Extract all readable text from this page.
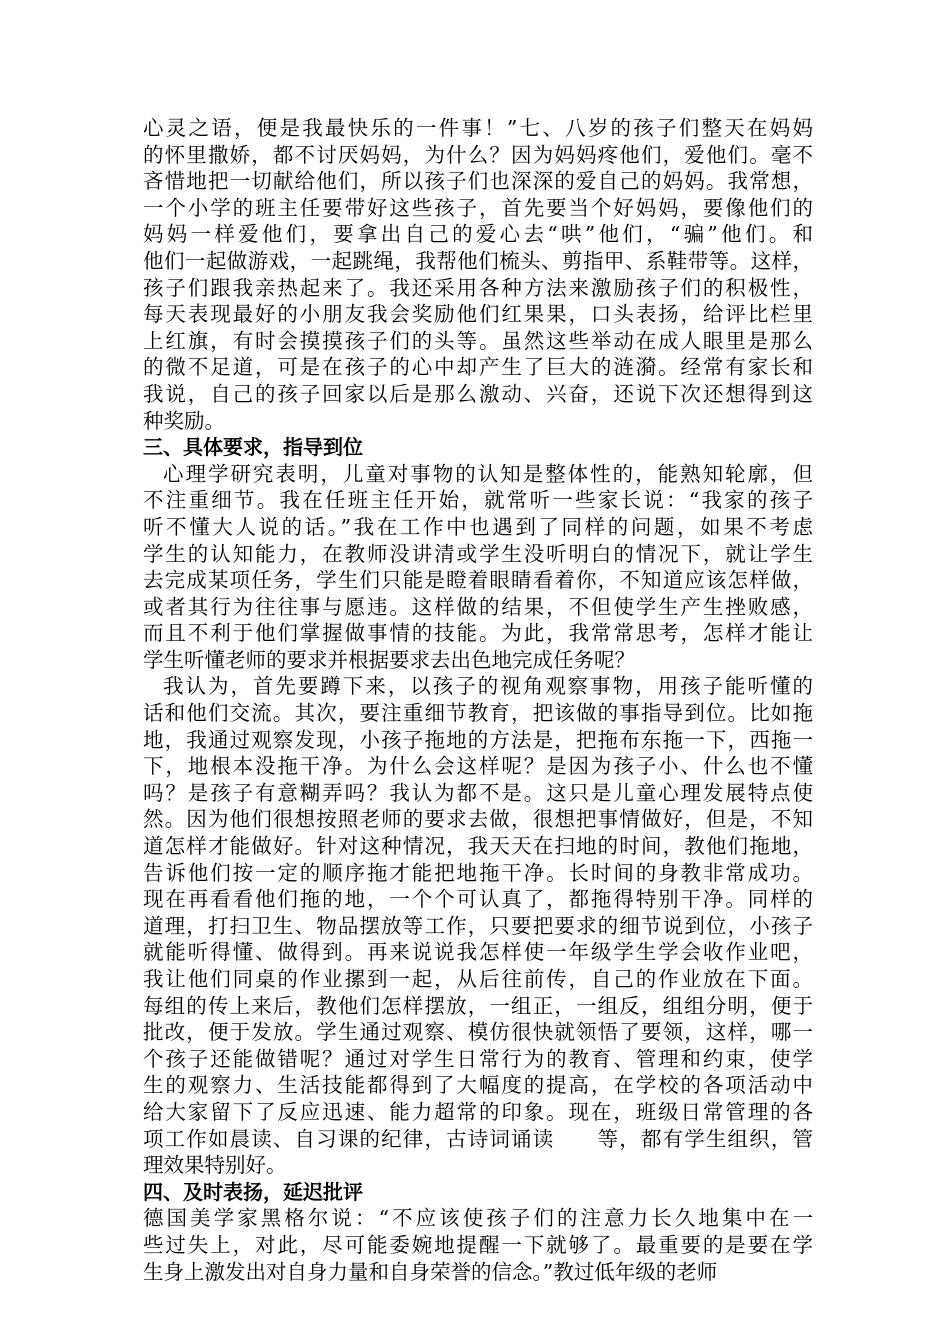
心灵之语，便是我最快乐的一件事！”七、八岁的孩子们整天在妈妈
的怀里撒娇，都不讨厌妈妈，为什么？因为妈妈疼他们，爱他们。毫不
吝惜地把一切献给他们，所以孩子们也深深的爱自己的妈妈。我常想，
一个小学的班主任要带好这些孩子，首先要当个好妈妈，要像他们的
妈妈一样爱他们，要拿出自己的爱心去“哄”他们，“骗”他们。和
他们一起做游戏，一起跳绳，我帮他们梳头、剪指甲、系鞋带等。这样，
孩子们跟我亲热起来了。我还采用各种方法来激励孩子们的积极性，
每天表现最好的小朋友我会奖励他们红果果，口头表扬，给评比栏里
上红旗，有时会摸摸孩子们的头等。虽然这些举动在成人眼里是那么
的微不足道，可是在孩子的心中却产生了巨大的涟漪。经常有家长和
我说，自己的孩子回家以后是那么激动、兴奋，还说下次还想得到这
种奖励。
三、具体要求，指导到位
心理学研究表明，儿童对事物的认知是整体性的，能熟知轮廓，但
不注重细节。我在任班主任开始，就常听一些家长说：“我家的孩子
听不懂大人说的话。”我在工作中也遇到了同样的问题，如果不考虑
学生的认知能力，在教师没讲清或学生没听明白的情况下，就让学生
去完成某项任务，学生们只能是瞪着眼睛看着你，不知道应该怎样做，
或者其行为往往事与愿违。这样做的结果，不但使学生产生挫败感，
而且不利于他们掌握做事情的技能。为此，我常常思考，怎样才能让
学生听懂老师的要求并根据要求去出色地完成任务呢？
我认为，首先要蹲下来，以孩子的视角观察事物，用孩子能听懂的
话和他们交流。其次，要注重细节教育，把该做的事指导到位。比如拖
地，我通过观察发现，小孩子拖地的方法是，把拖布东拖一下，西拖一
下，地根本没拖干净。为什么会这样呢？是因为孩子小、什么也不懂
吗？是孩子有意糊弄吗？我认为都不是。这只是儿童心理发展特点使
然。因为他们很想按照老师的要求去做，很想把事情做好，但是，不知
道怎样才能做好。针对这种情况，我天天在扫地的时间，教他们拖地，
告诉他们按一定的顺序拖才能把地拖干净。长时间的身教非常成功。
现在再看看他们拖的地，一个个可认真了，都拖得特别干净。同样的
道理，打扫卫生、物品摆放等工作，只要把要求的细节说到位，小孩子
就能听得懂、做得到。再来说说我怎样使一年级学生学会收作业吧，
我让他们同桌的作业摞到一起，从后往前传，自己的作业放在下面。
每组的传上来后，教他们怎样摆放，一组正，一组反，组组分明，便于
批改，便于发放。学生通过观察、模仿很快就领悟了要领，这样，哪一
个孩子还能做错呢？通过对学生日常行为的教育、管理和约束，使学
生的观察力、生活技能都得到了大幅度的提高，在学校的各项活动中
给大家留下了反应迅速、能力超常的印象。现在，班级日常管理的各
项工作如晨读、自习课的纪律，古诗词诵读　　等，都有学生组织，管
理效果特别好。
四、及时表扬，延迟批评
德国美学家黑格尔说：“不应该使孩子们的注意力长久地集中在一
些过失上，对此，尽可能委婉地提醒一下就够了。最重要的是要在学
生身上激发出对自身力量和自身荣誉的信念。”教过低年级的老师
